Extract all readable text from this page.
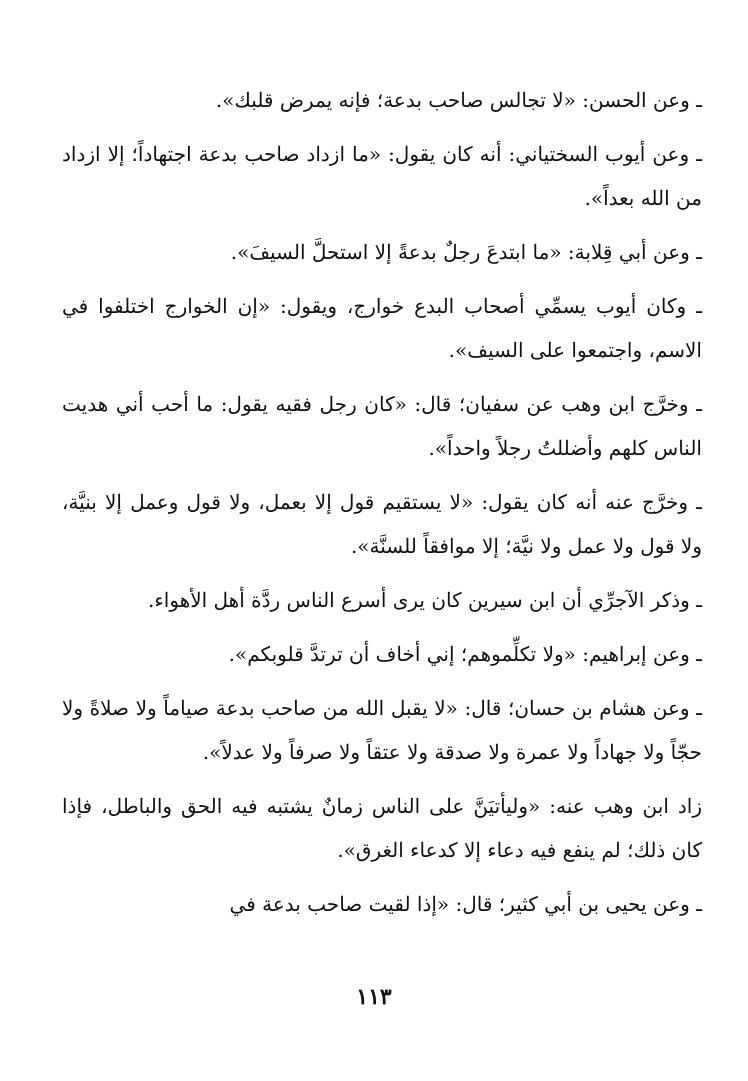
ـ وعن الحسن: «لا تجالس صاحب بدعة؛ فإنه يمرض قلبك».

ـ وعن أيوب السختياني: أنه كان يقول: «ما ازداد صاحب بدعة اجتهاداً؛ إلا ازداد من الله بعداً».

ـ وعن أبي قِلابة: «ما ابتدعَ رجلٌ بدعةً إلا استحلَّ السيفَ».

ـ وكان أيوب يسمِّي أصحاب البدع خوارج، ويقول: «إن الخوارج اختلفوا في الاسم، واجتمعوا على السيف».

ـ وخرَّج ابن وهب عن سفيان؛ قال: «كان رجل فقيه يقول: ما أحب أني هديت الناس كلهم وأضللتُ رجلاً واحداً».

ـ وخرَّج عنه أنه كان يقول: «لا يستقيم قول إلا بعمل، ولا قول وعمل إلا بنيَّة، ولا قول ولا عمل ولا نيَّة؛ إلا موافقاً للسنَّة».

ـ وذكر الآجرِّي أن ابن سيرين كان يرى أسرع الناس ردَّة أهل الأهواء.

ـ وعن إبراهيم: «ولا تكلِّموهم؛ إني أخاف أن ترتدَّ قلوبكم».

ـ وعن هشام بن حسان؛ قال: «لا يقبل الله من صاحب بدعة صياماً ولا صلاةً ولا حجّاً ولا جهاداً ولا عمرة ولا صدقة ولا عتقاً ولا صرفاً ولا عدلاً».

زاد ابن وهب عنه: «وليأتيَنَّ على الناس زمانٌ يشتبه فيه الحق والباطل، فإذا كان ذلك؛ لم ينفع فيه دعاء إلا كدعاء الغرق».

ـ وعن يحيى بن أبي كثير؛ قال: «إذا لقيت صاحب بدعة في

١١٣
